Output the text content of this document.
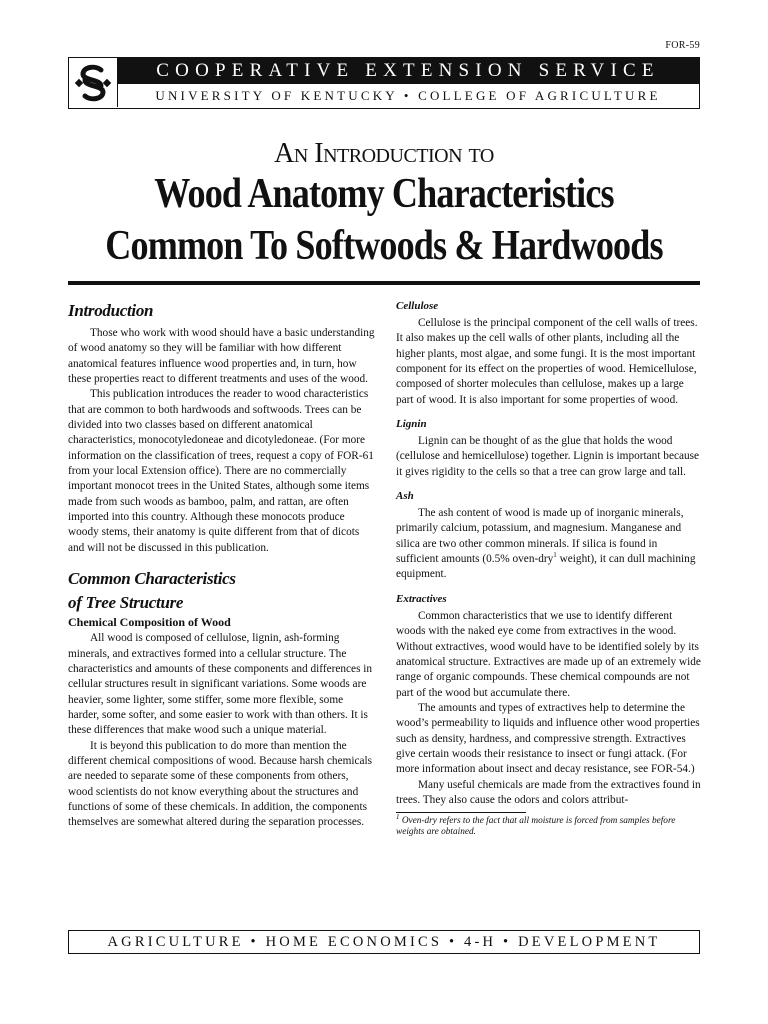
FOR-59
COOPERATIVE EXTENSION SERVICE
UNIVERSITY OF KENTUCKY • COLLEGE OF AGRICULTURE
An Introduction to
Wood Anatomy Characteristics
Common To Softwoods & Hardwoods
Introduction

Those who work with wood should have a basic understanding of wood anatomy so they will be familiar with how different anatomical features influence wood properties and, in turn, how these properties react to different treatments and uses of the wood.

This publication introduces the reader to wood characteristics that are common to both hardwoods and softwoods. Trees can be divided into two classes based on different anatomical characteristics, monocotyledoneae and dicotyledoneae. (For more information on the classification of trees, request a copy of FOR-61 from your local Extension office). There are no commercially important monocot trees in the United States, although some items made from such woods as bamboo, palm, and rattan, are often imported into this country. Although these monocots produce woody stems, their anatomy is quite different from that of dicots and will not be discussed in this publication.

Common Characteristics
of Tree Structure
Chemical Composition of Wood

All wood is composed of cellulose, lignin, ash-forming minerals, and extractives formed into a cellular structure. The characteristics and amounts of these components and differences in cellular structures result in significant variations. Some woods are heavier, some lighter, some stiffer, some more flexible, some harder, some softer, and some easier to work with than others. It is these differences that make wood such a unique material.

It is beyond this publication to do more than mention the different chemical compositions of wood. Because harsh chemicals are needed to separate some of these components from others, wood scientists do not know everything about the structures and functions of some of these chemicals. In addition, the components themselves are somewhat altered during the separation processes.

Cellulose

Cellulose is the principal component of the cell walls of trees. It also makes up the cell walls of other plants, including all the higher plants, most algae, and some fungi. It is the most important component for its effect on the properties of wood. Hemicellulose, composed of shorter molecules than cellulose, makes up a large part of wood. It is also important for some properties of wood.

Lignin

Lignin can be thought of as the glue that holds the wood (cellulose and hemicellulose) together. Lignin is important because it gives rigidity to the cells so that a tree can grow large and tall.

Ash

The ash content of wood is made up of inorganic minerals, primarily calcium, potassium, and magnesium. Manganese and silica are two other common minerals. If silica is found in sufficient amounts (0.5% oven-dry$^1$ weight), it can dull machining equipment.

Extractives

Common characteristics that we use to identify different woods with the naked eye come from extractives in the wood. Without extractives, wood would have to be identified solely by its anatomical structure. Extractives are made up of an extremely wide range of organic compounds. These chemical compounds are not part of the wood but accumulate there.

The amounts and types of extractives help to determine the wood’s permeability to liquids and influence other wood properties such as density, hardness, and compressive strength. Extractives give certain woods their resistance to insect or fungi attack. (For more information about insect and decay resistance, see FOR-54.)

Many useful chemicals are made from the extractives found in trees. They also cause the odors and colors attribut-

$^1$ Oven-dry refers to the fact that all moisture is forced from samples before weights are obtained.
AGRICULTURE • HOME ECONOMICS • 4-H • DEVELOPMENT
